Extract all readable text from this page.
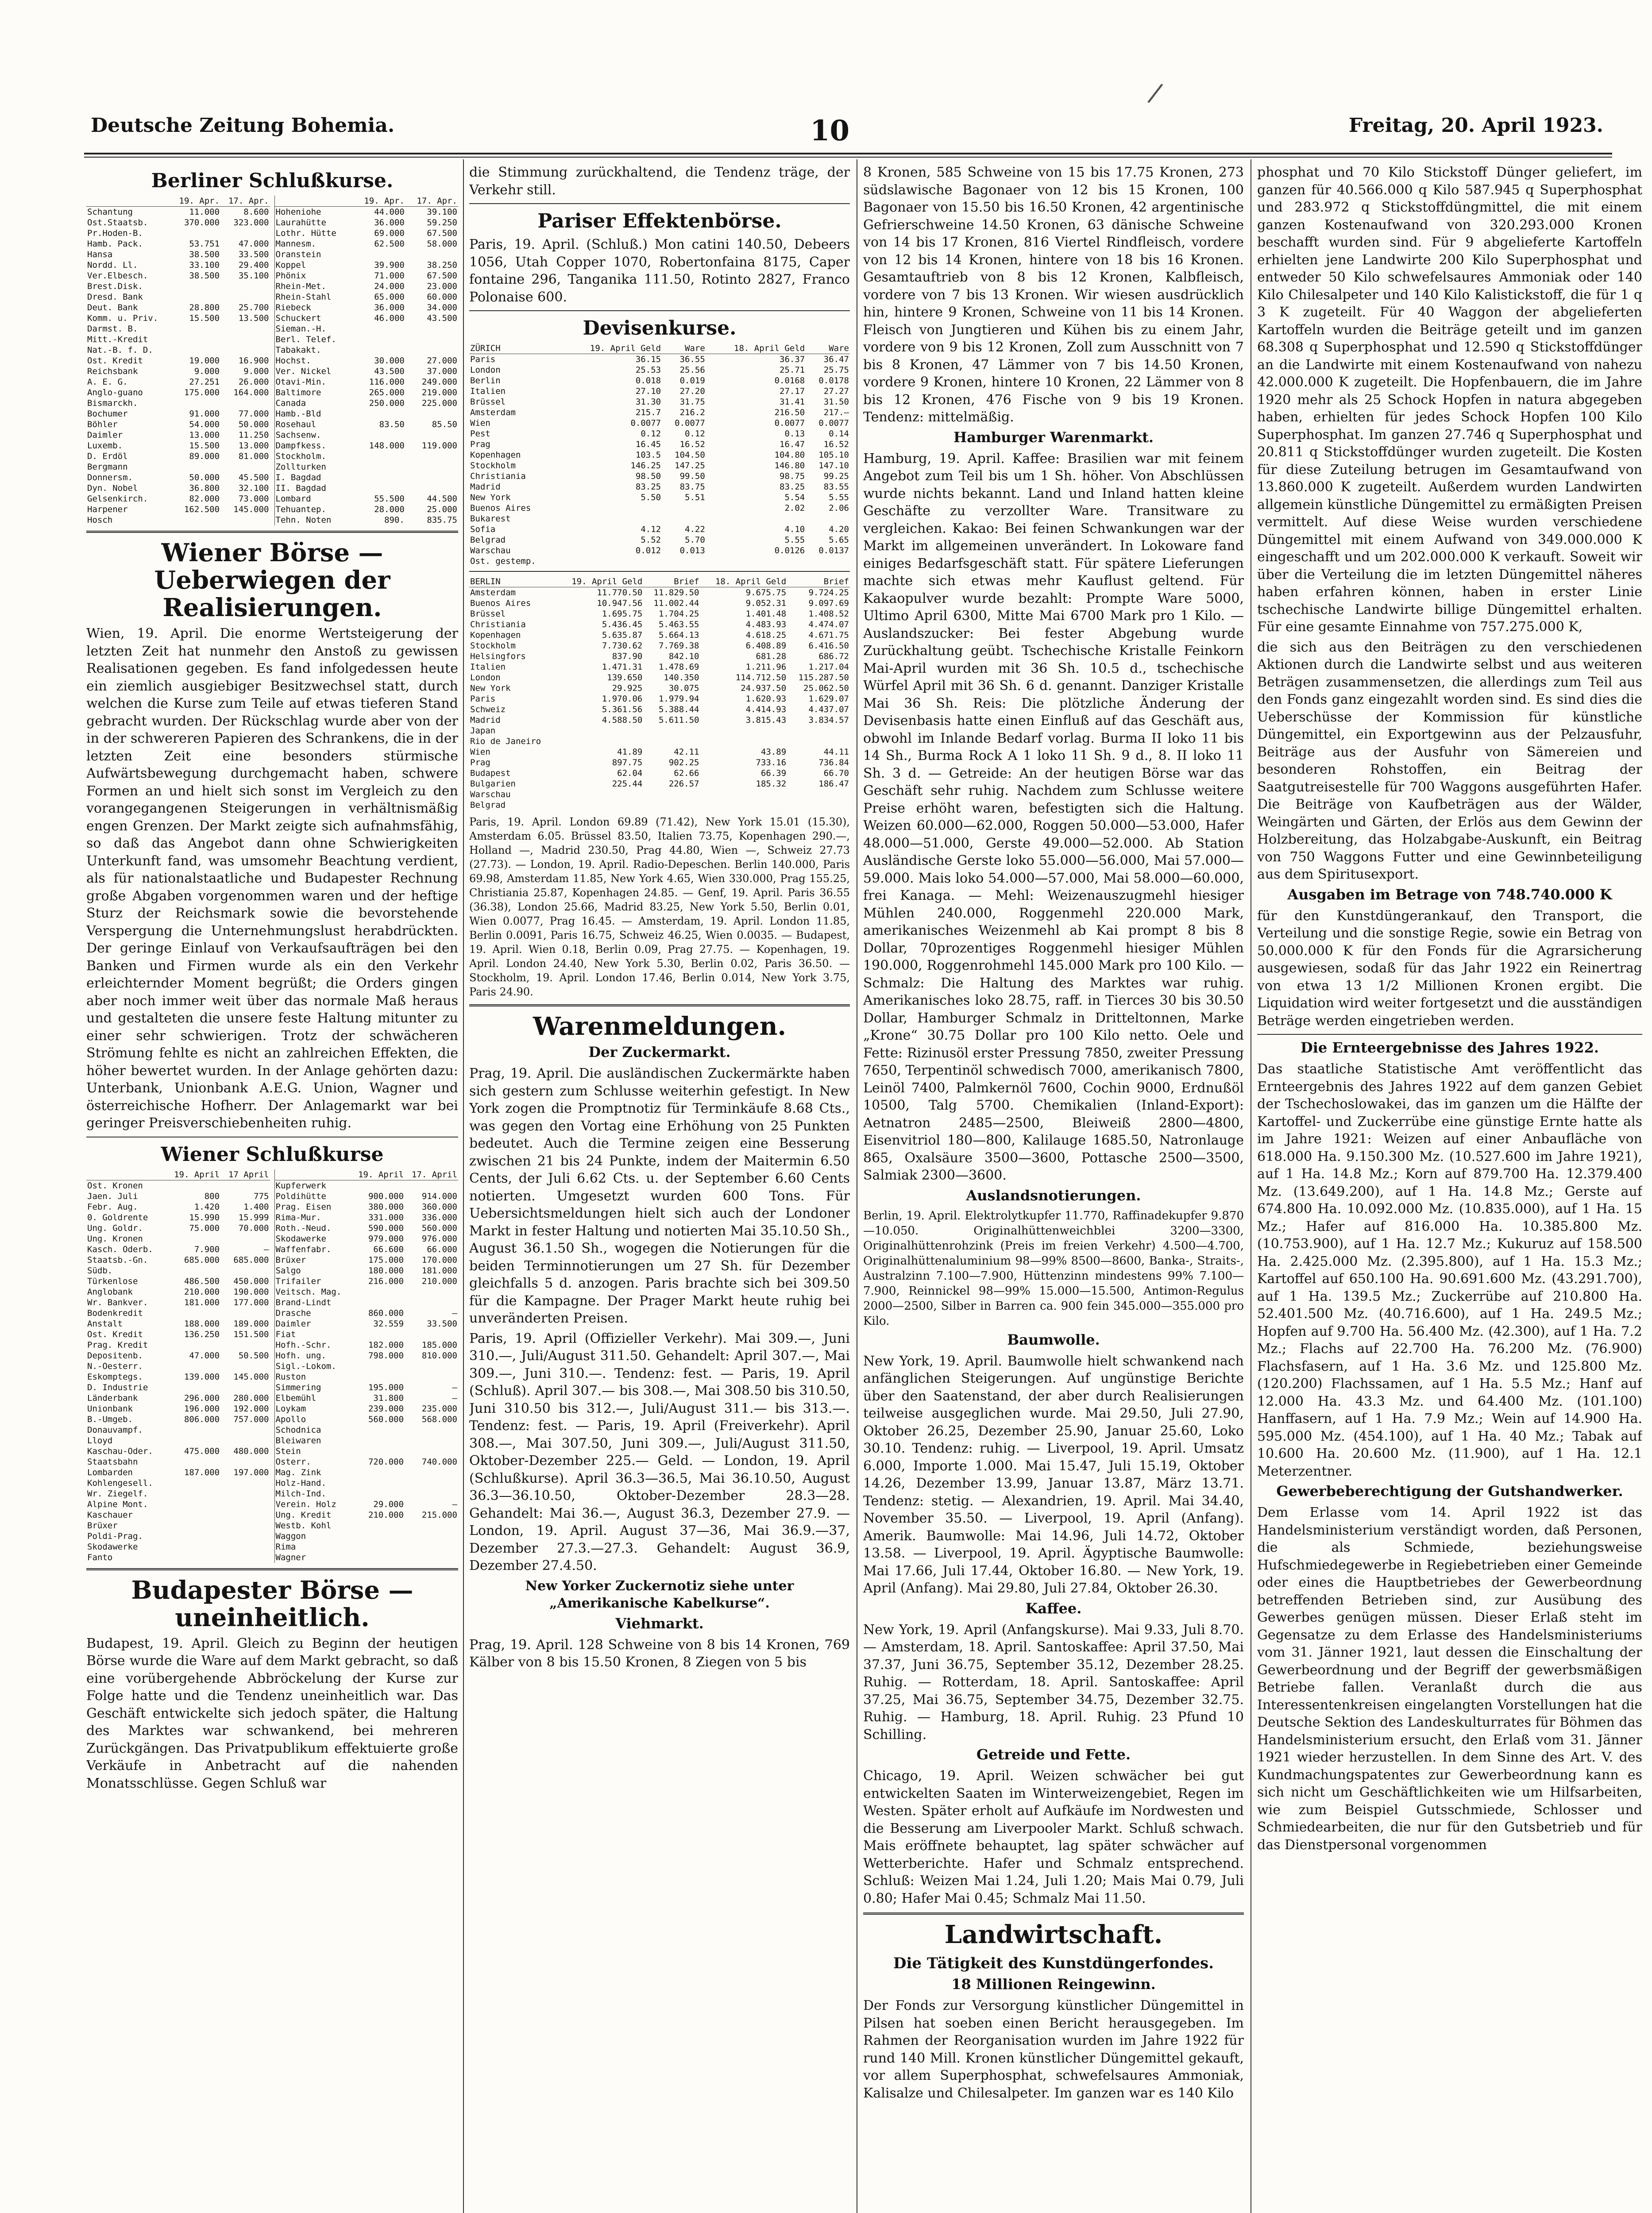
/
Deutsche Zeitung Bohemia.	10	Freitag, 20. April 1923.
Berliner Schlußkurse.
	19. Apr.	17. Apr.
Schantung	11.000	8.600
Ost.Staatsb.	370.000	323.000
Pr.Hoden-B.		
Hamb. Pack.	53.751	47.000
Hansa	38.500	33.500
Nordd. Ll.	33.100	29.400
Ver.Elbesch.	38.500	35.100
Brest.Disk.		
Dresd. Bank		
Deut. Bank	28.800	25.700
Komm. u. Priv.	15.500	13.500
Darmst. B.		
Mitt.-Kredit		
Nat.-B. f. D.		
Ost. Kredit	19.000	16.900
Reichsbank	9.000	9.000
A. E. G.	27.251	26.000
Anglo-guano	175.000	164.000
Bismarckh.		
Bochumer	91.000	77.000
Böhler	54.000	50.000
Daimler	13.000	11.250
Luxemb.	15.500	13.000
D. Erdöl	89.000	81.000
Bergmann		
Donnersm.	50.000	45.500
Dyn. Nobel	36.800	32.100
Gelsenkirch.	82.000	73.000
Harpener	162.500	145.000
Hosch		
	19. Apr.	17. Apr.
Hoheniohe	44.000	39.100
Laurahütte	36.000	59.250
Lothr. Hütte	69.000	67.500
Mannesm.	62.500	58.000
Oranstein		
Koppel	39.900	38.250
Phönix	71.000	67.500
Rhein-Met.	24.000	23.000
Rhein-Stahl	65.000	60.000
Riebeck	36.000	34.000
Schuckert	46.000	43.500
Sieman.-H.		
Berl. Telef.		
Tabakakt.		
Hochst.	30.000	27.000
Ver. Nickel	43.500	37.000
Otavi-Min.	116.000	249.000
Baltimore	265.000	219.000
Canada	250.000	225.000
Hamb.-Bld		
Rosehaul	83.50	85.50
Sachsenw.		
Dampfkess.	148.000	119.000
Stockholm.		
Zollturken		
I. Bagdad		
II. Bagdad		
Lombard	55.500	44.500
Tehuantep.	28.000	25.000
Tehn. Noten	890.	835.75
Wiener Börse — Ueberwiegen der Realisierungen.

Wien, 19. April. Die enorme Wertsteigerung der letzten Zeit hat nunmehr den Anstoß zu gewissen Realisationen gegeben. Es fand infolgedessen heute ein ziemlich ausgiebiger Besitzwechsel statt, durch welchen die Kurse zum Teile auf etwas tieferen Stand gebracht wurden. Der Rückschlag wurde aber von der in der schwereren Papieren des Schrankens, die in der letzten Zeit eine besonders stürmische Aufwärtsbewegung durchgemacht haben, schwere Formen an und hielt sich sonst im Vergleich zu den vorangegangenen Steigerungen in verhältnismäßig engen Grenzen. Der Markt zeigte sich aufnahmsfähig, so daß das Angebot dann ohne Schwierigkeiten Unterkunft fand, was umsomehr Beachtung verdient, als für nationalstaatliche und Budapester Rechnung große Abgaben vorgenommen waren und der heftige Sturz der Reichsmark sowie die bevorstehende Verspergung die Unternehmungslust herabdrückten. Der geringe Einlauf von Verkaufsaufträgen bei den Banken und Firmen wurde als ein den Verkehr erleichternder Moment begrüßt; die Orders gingen aber noch immer weit über das normale Maß heraus und gestalteten die unsere feste Haltung mitunter zu einer sehr schwierigen. Trotz der schwächeren Strömung fehlte es nicht an zahlreichen Effekten, die höher bewertet wurden. In der Anlage gehörten dazu: Unterbank, Unionbank A.E.G. Union, Wagner und österreichische Hofherr. Der Anlagemarkt war bei geringer Preisverschiebenheiten ruhig.

Wiener Schlußkurse
	19. April	17 April
Ost. Kronen		
Jaen. Juli	800	775
Febr. Aug.	1.420	1.400
0. Goldrente	15.990	15.999
Ung. Goldr.	75.000	70.000
Ung. Kronen		
Kasch. Oderb.	7.900	—
Staatsb.-Gn.	685.000	685.000
Südb.		
Türkenlose	486.500	450.000
Anglobank	210.000	190.000
Wr. Bankver.	181.000	177.000
Bodenkredit		
Anstalt	188.000	189.000
Ost. Kredit	136.250	151.500
Prag. Kredit		
Depositenb.	47.000	50.500
N.-Oesterr.		
Eskomptegs.	139.000	145.000
D. Industrie		
Länderbank	296.000	280.000
Unionbank	196.000	192.000
B.-Umgeb.	806.000	757.000
Donauvampf.		
Lloyd		
Kaschau-Oder.	475.000	480.000
Staatsbahn		
Lombarden	187.000	197.000
Kohlengesell.		
Wr. Ziegelf.		
Alpine Mont.		
Kaschauer		
Brüxer		
Poldi-Prag.		
Skodawerke		
Fanto		
	19. April	17. April
Kupferwerk		
Poldihütte	900.000	914.000
Prag. Eisen	380.000	360.000
Rima-Mur.	331.000	336.000
Roth.-Neud.	590.000	560.000
Skodawerke	979.000	976.000
Waffenfabr.	66.600	66.000
Brüxer	175.000	170.000
Salgo	180.000	181.000
Trifailer	216.000	210.000
Veitsch. Mag.		
Brand-Lindt		
Drasche	860.000	—
Daimler	32.559	33.500
Fiat		
Hofh.-Schr.	182.000	185.000
Hofh. ung.	798.000	810.000
Sigl.-Lokom.		
Ruston		
Simmering	195.000	—
Elbemühl	31.800	—
Loykam	239.000	235.000
Apollo	560.000	568.000
Schodnica		
Bleiwaren		
Stein		
Osterr.	720.000	740.000
Mag. Zink		
Holz-Hand.		
Milch-Ind.		
Verein. Holz	29.000	—
Ung. Kredit	210.000	215.000
Westb. Kohl		
Waggon		
Rima		
Wagner		
Budapester Börse — uneinheitlich.

Budapest, 19. April. Gleich zu Beginn der heutigen Börse wurde die Ware auf dem Markt gebracht, so daß eine vorübergehende Abbröckelung der Kurse zur Folge hatte und die Tendenz uneinheitlich war. Das Geschäft entwickelte sich jedoch später, die Haltung des Marktes war schwankend, bei mehreren Zurückgängen. Das Privatpublikum effektuierte große Verkäufe in Anbetracht auf die nahenden Monatsschlüsse. Gegen Schluß war

die Stimmung zurückhaltend, die Tendenz träge, der Verkehr still.

Pariser Effektenbörse.

Paris, 19. April. (Schluß.) Mon catini 140.50, Debeers 1056, Utah Copper 1070, Robertonfaina 8175, Caper fontaine 296, Tanganika 111.50, Rotinto 2827, Franco Polonaise 600.

Devisenkurse.
ZÜRICH	19. April Geld	Ware	18. April Geld	Ware
Paris	36.15	36.55	36.37	36.47
London	25.53	25.56	25.71	25.75
Berlin	0.018	0.019	0.0168	0.0178
Italien	27.10	27.20	27.17	27.27
Brüssel	31.30	31.75	31.41	31.50
Amsterdam	215.7	216.2	216.50	217.—
Wien	0.0077	0.0077	0.0077	0.0077
Pest	0.12	0.12	0.13	0.14
Prag	16.45	16.52	16.47	16.52
Kopenhagen	103.5	104.50	104.80	105.10
Stockholm	146.25	147.25	146.80	147.10
Christiania	98.50	99.50	98.75	99.25
Madrid	83.25	83.75	83.25	83.55
New York	5.50	5.51	5.54	5.55
Buenos Aires			2.02	2.06
Bukarest				
Sofia	4.12	4.22	4.10	4.20
Belgrad	5.52	5.70	5.55	5.65
Warschau	0.012	0.013	0.0126	0.0137
Ost. gestemp.				
BERLIN	19. April Geld	Brief	18. April Geld	Brief
Amsterdam	11.770.50	11.829.50	9.675.75	9.724.25
Buenos Aires	10.947.56	11.002.44	9.052.31	9.097.69
Brüssel	1.695.75	1.704.25	1.401.48	1.408.52
Christiania	5.436.45	5.463.55	4.483.93	4.474.07
Kopenhagen	5.635.87	5.664.13	4.618.25	4.671.75
Stockholm	7.730.62	7.769.38	6.408.89	6.416.50
Helsingfors	837.90	842.10	681.28	686.72
Italien	1.471.31	1.478.69	1.211.96	1.217.04
London	139.650	140.350	114.712.50	115.287.50
New York	29.925	30.075	24.937.50	25.062.50
Paris	1.970.06	1.979.94	1.620.93	1.629.07
Schweiz	5.361.56	5.388.44	4.414.93	4.437.07
Madrid	4.588.50	5.611.50	3.815.43	3.834.57
Japan				
Rio de Janeiro				
Wien	41.89	42.11	43.89	44.11
Prag	897.75	902.25	733.16	736.84
Budapest	62.04	62.66	66.39	66.70
Bulgarien	225.44	226.57	185.32	186.47
Warschau				
Belgrad				

Paris, 19. April. London 69.89 (71.42), New York 15.01 (15.30), Amsterdam 6.05. Brüssel 83.50, Italien 73.75, Kopenhagen 290.—, Holland —, Madrid 230.50, Prag 44.80, Wien —, Schweiz 27.73 (27.73). — London, 19. April. Radio-Depeschen. Berlin 140.000, Paris 69.98, Amsterdam 11.85, New York 4.65, Wien 330.000, Prag 155.25, Christiania 25.87, Kopenhagen 24.85. — Genf, 19. April. Paris 36.55 (36.38), London 25.66, Madrid 83.25, New York 5.50, Berlin 0.01, Wien 0.0077, Prag 16.45. — Amsterdam, 19. April. London 11.85, Berlin 0.0091, Paris 16.75, Schweiz 46.25, Wien 0.0035. — Budapest, 19. April. Wien 0.18, Berlin 0.09, Prag 27.75. — Kopenhagen, 19. April. London 24.40, New York 5.30, Berlin 0.02, Paris 36.50. — Stockholm, 19. April. London 17.46, Berlin 0.014, New York 3.75, Paris 24.90.

Warenmeldungen.
Der Zuckermarkt.

Prag, 19. April. Die ausländischen Zuckermärkte haben sich gestern zum Schlusse weiterhin gefestigt. In New York zogen die Promptnotiz für Terminkäufe 8.68 Cts., was gegen den Vortag eine Erhöhung von 25 Punkten bedeutet. Auch die Termine zeigen eine Besserung zwischen 21 bis 24 Punkte, indem der Maitermin 6.50 Cents, der Juli 6.62 Cts. u. der September 6.60 Cents notierten. Umgesetzt wurden 600 Tons. Für Uebersichtsmeldungen hielt sich auch der Londoner Markt in fester Haltung und notierten Mai 35.10.50 Sh., August 36.1.50 Sh., wogegen die Notierungen für die beiden Terminnotierungen um 27 Sh. für Dezember gleichfalls 5 d. anzogen. Paris brachte sich bei 309.50 für die Kampagne. Der Prager Markt heute ruhig bei unveränderten Preisen.

Paris, 19. April (Offizieller Verkehr). Mai 309.—, Juni 310.—, Juli/August 311.50. Gehandelt: April 307.—, Mai 309.—, Juni 310.—. Tendenz: fest. — Paris, 19. April (Schluß). April 307.— bis 308.—, Mai 308.50 bis 310.50, Juni 310.50 bis 312.—, Juli/August 311.— bis 313.—. Tendenz: fest. — Paris, 19. April (Freiverkehr). April 308.—, Mai 307.50, Juni 309.—, Juli/August 311.50, Oktober-Dezember 225.— Geld. — London, 19. April (Schlußkurse). April 36.3—36.5, Mai 36.10.50, August 36.3—36.10.50, Oktober-Dezember 28.3—28. Gehandelt: Mai 36.—, August 36.3, Dezember 27.9. — London, 19. April. August 37—36, Mai 36.9.—37, Dezember 27.3.—27.3. Gehandelt: August 36.9, Dezember 27.4.50.

New Yorker Zuckernotiz siehe unter „Amerikanische Kabelkurse“.

Viehmarkt.

Prag, 19. April. 128 Schweine von 8 bis 14 Kronen, 769 Kälber von 8 bis 15.50 Kronen, 8 Ziegen von 5 bis

8 Kronen, 585 Schweine von 15 bis 17.75 Kronen, 273 südslawische Bagonaer von 12 bis 15 Kronen, 100 Bagonaer von 15.50 bis 16.50 Kronen, 42 argentinische Gefrierschweine 14.50 Kronen, 63 dänische Schweine von 14 bis 17 Kronen, 816 Viertel Rindfleisch, vordere von 12 bis 14 Kronen, hintere von 18 bis 16 Kronen. Gesamtauftrieb von 8 bis 12 Kronen, Kalbfleisch, vordere von 7 bis 13 Kronen. Wir wiesen ausdrücklich hin, hintere 9 Kronen, Schweine von 11 bis 14 Kronen. Fleisch von Jungtieren und Kühen bis zu einem Jahr, vordere von 9 bis 12 Kronen, Zoll zum Ausschnitt von 7 bis 8 Kronen, 47 Lämmer von 7 bis 14.50 Kronen, vordere 9 Kronen, hintere 10 Kronen, 22 Lämmer von 8 bis 12 Kronen, 476 Fische von 9 bis 19 Kronen. Tendenz: mittelmäßig.

Hamburger Warenmarkt.

Hamburg, 19. April. Kaffee: Brasilien war mit feinem Angebot zum Teil bis um 1 Sh. höher. Von Abschlüssen wurde nichts bekannt. Land und Inland hatten kleine Geschäfte zu verzollter Ware. Transitware zu vergleichen. Kakao: Bei feinen Schwankungen war der Markt im allgemeinen unverändert. In Lokoware fand einiges Bedarfsgeschäft statt. Für spätere Lieferungen machte sich etwas mehr Kauflust geltend. Für Kakaopulver wurde bezahlt: Prompte Ware 5000, Ultimo April 6300, Mitte Mai 6700 Mark pro 1 Kilo. — Auslandszucker: Bei fester Abgebung wurde Zurückhaltung geübt. Tschechische Kristalle Feinkorn Mai-April wurden mit 36 Sh. 10.5 d., tschechische Würfel April mit 36 Sh. 6 d. genannt. Danziger Kristalle Mai 36 Sh. Reis: Die plötzliche Änderung der Devisenbasis hatte einen Einfluß auf das Geschäft aus, obwohl im Inlande Bedarf vorlag. Burma II loko 11 bis 14 Sh., Burma Rock A 1 loko 11 Sh. 9 d., 8. II loko 11 Sh. 3 d. — Getreide: An der heutigen Börse war das Geschäft sehr ruhig. Nachdem zum Schlusse weitere Preise erhöht waren, befestigten sich die Haltung. Weizen 60.000—62.000, Roggen 50.000—53.000, Hafer 48.000—51.000, Gerste 49.000—52.000. Ab Station Ausländische Gerste loko 55.000—56.000, Mai 57.000—59.000. Mais loko 54.000—57.000, Mai 58.000—60.000, frei Kanaga. — Mehl: Weizenauszugmehl hiesiger Mühlen 240.000, Roggenmehl 220.000 Mark, amerikanisches Weizenmehl ab Kai prompt 8 bis 8 Dollar, 70prozentiges Roggenmehl hiesiger Mühlen 190.000, Roggenrohmehl 145.000 Mark pro 100 Kilo. — Schmalz: Die Haltung des Marktes war ruhig. Amerikanisches loko 28.75, raff. in Tierces 30 bis 30.50 Dollar, Hamburger Schmalz in Dritteltonnen, Marke „Krone“ 30.75 Dollar pro 100 Kilo netto. Oele und Fette: Rizinusöl erster Pressung 7850, zweiter Pressung 7650, Terpentinöl schwedisch 7000, amerikanisch 7800, Leinöl 7400, Palmkernöl 7600, Cochin 9000, Erdnußöl 10500, Talg 5700. Chemikalien (Inland-Export): Aetnatron 2485—2500, Bleiweiß 2800—4800, Eisenvitriol 180—800, Kalilauge 1685.50, Natronlauge 865, Oxalsäure 3500—3600, Pottasche 2500—3500, Salmiak 2300—3600.

Auslandsnotierungen.

Berlin, 19. April. Elektrolytkupfer 11.770, Raffinadekupfer 9.870—10.050. Originalhüttenweichblei 3200—3300, Originalhüttenrohzink (Preis im freien Verkehr) 4.500—4.700, Originalhüttenaluminium 98—99% 8500—8600, Banka-, Straits-, Australzinn 7.100—7.900, Hüttenzinn mindestens 99% 7.100—7.900, Reinnickel 98—99% 15.000—15.500, Antimon-Regulus 2000—2500, Silber in Barren ca. 900 fein 345.000—355.000 pro Kilo.

Baumwolle.

New York, 19. April. Baumwolle hielt schwankend nach anfänglichen Steigerungen. Auf ungünstige Berichte über den Saatenstand, der aber durch Realisierungen teilweise ausgeglichen wurde. Mai 29.50, Juli 27.90, Oktober 26.25, Dezember 25.90, Januar 25.60, Loko 30.10. Tendenz: ruhig. — Liverpool, 19. April. Umsatz 6.000, Importe 1.000. Mai 15.47, Juli 15.19, Oktober 14.26, Dezember 13.99, Januar 13.87, März 13.71. Tendenz: stetig. — Alexandrien, 19. April. Mai 34.40, November 35.50. — Liverpool, 19. April (Anfang). Amerik. Baumwolle: Mai 14.96, Juli 14.72, Oktober 13.58. — Liverpool, 19. April. Ägyptische Baumwolle: Mai 17.66, Juli 17.44, Oktober 16.80. — New York, 19. April (Anfang). Mai 29.80, Juli 27.84, Oktober 26.30.

Kaffee.

New York, 19. April (Anfangskurse). Mai 9.33, Juli 8.70. — Amsterdam, 18. April. Santoskaffee: April 37.50, Mai 37.37, Juni 36.75, September 35.12, Dezember 28.25. Ruhig. — Rotterdam, 18. April. Santoskaffee: April 37.25, Mai 36.75, September 34.75, Dezember 32.75. Ruhig. — Hamburg, 18. April. Ruhig. 23 Pfund 10 Schilling.

Getreide und Fette.

Chicago, 19. April. Weizen schwächer bei gut entwickelten Saaten im Winterweizengebiet, Regen im Westen. Später erholt auf Aufkäufe im Nordwesten und die Besserung am Liverpooler Markt. Schluß schwach. Mais eröffnete behauptet, lag später schwächer auf Wetterberichte. Hafer und Schmalz entsprechend. Schluß: Weizen Mai 1.24, Juli 1.20; Mais Mai 0.79, Juli 0.80; Hafer Mai 0.45; Schmalz Mai 11.50.

Landwirtschaft.
Die Tätigkeit des Kunstdüngerfondes.
18 Millionen Reingewinn.

Der Fonds zur Versorgung künstlicher Düngemittel in Pilsen hat soeben einen Bericht herausgegeben. Im Rahmen der Reorganisation wurden im Jahre 1922 für rund 140 Mill. Kronen künstlicher Düngemittel gekauft, vor allem Superphosphat, schwefelsaures Ammoniak, Kalisalze und Chilesalpeter. Im ganzen war es 140 Kilo

phosphat und 70 Kilo Stickstoff Dünger geliefert, im ganzen für 40.566.000 q Kilo 587.945 q Superphosphat und 283.972 q Stickstoffdüngmittel, die mit einem ganzen Kostenaufwand von 320.293.000 Kronen beschafft wurden sind. Für 9 abgelieferte Kartoffeln erhielten jene Landwirte 200 Kilo Superphosphat und entweder 50 Kilo schwefelsaures Ammoniak oder 140 Kilo Chilesalpeter und 140 Kilo Kalistickstoff, die für 1 q 3 K zugeteilt. Für 40 Waggon der abgelieferten Kartoffeln wurden die Beiträge geteilt und im ganzen 68.308 q Superphosphat und 12.590 q Stickstoffdünger an die Landwirte mit einem Kostenaufwand von nahezu 42.000.000 K zugeteilt. Die Hopfenbauern, die im Jahre 1920 mehr als 25 Schock Hopfen in natura abgegeben haben, erhielten für jedes Schock Hopfen 100 Kilo Superphosphat. Im ganzen 27.746 q Superphosphat und 20.811 q Stickstoffdünger wurden zugeteilt. Die Kosten für diese Zuteilung betrugen im Gesamtaufwand von 13.860.000 K zugeteilt. Außerdem wurden Landwirten allgemein künstliche Düngemittel zu ermäßigten Preisen vermittelt. Auf diese Weise wurden verschiedene Düngemittel mit einem Aufwand von 349.000.000 K eingeschafft und um 202.000.000 K verkauft. Soweit wir über die Verteilung die im letzten Düngemittel näheres haben erfahren können, haben in erster Linie tschechische Landwirte billige Düngemittel erhalten. Für eine gesamte Einnahme von 757.275.000 K,

die sich aus den Beiträgen zu den verschiedenen Aktionen durch die Landwirte selbst und aus weiteren Beträgen zusammensetzen, die allerdings zum Teil aus den Fonds ganz eingezahlt worden sind. Es sind dies die Ueberschüsse der Kommission für künstliche Düngemittel, ein Exportgewinn aus der Pelzausfuhr, Beiträge aus der Ausfuhr von Sämereien und besonderen Rohstoffen, ein Beitrag der Saatgutreisestelle für 700 Waggons ausgeführten Hafer. Die Beiträge von Kaufbeträgen aus der Wälder, Weingärten und Gärten, der Erlös aus dem Gewinn der Holzbereitung, das Holzabgabe-Auskunft, ein Beitrag von 750 Waggons Futter und eine Gewinnbeteiligung aus dem Spiritusexport.

Ausgaben im Betrage von 748.740.000 K

für den Kunstdüngerankauf, den Transport, die Verteilung und die sonstige Regie, sowie ein Betrag von 50.000.000 K für den Fonds für die Agrarsicherung ausgewiesen, sodaß für das Jahr 1922 ein Reinertrag von etwa 13 1/2 Millionen Kronen ergibt. Die Liquidation wird weiter fortgesetzt und die ausständigen Beträge werden eingetrieben werden.

Die Ernteergebnisse des Jahres 1922.

Das staatliche Statistische Amt veröffentlicht das Ernteergebnis des Jahres 1922 auf dem ganzen Gebiet der Tschechoslowakei, das im ganzen um die Hälfte der Kartoffel- und Zuckerrübe eine günstige Ernte hatte als im Jahre 1921: Weizen auf einer Anbaufläche von 618.000 Ha. 9.150.300 Mz. (10.527.600 im Jahre 1921), auf 1 Ha. 14.8 Mz.; Korn auf 879.700 Ha. 12.379.400 Mz. (13.649.200), auf 1 Ha. 14.8 Mz.; Gerste auf 674.800 Ha. 10.092.000 Mz. (10.835.000), auf 1 Ha. 15 Mz.; Hafer auf 816.000 Ha. 10.385.800 Mz. (10.753.900), auf 1 Ha. 12.7 Mz.; Kukuruz auf 158.500 Ha. 2.425.000 Mz. (2.395.800), auf 1 Ha. 15.3 Mz.; Kartoffel auf 650.100 Ha. 90.691.600 Mz. (43.291.700), auf 1 Ha. 139.5 Mz.; Zuckerrübe auf 210.800 Ha. 52.401.500 Mz. (40.716.600), auf 1 Ha. 249.5 Mz.; Hopfen auf 9.700 Ha. 56.400 Mz. (42.300), auf 1 Ha. 7.2 Mz.; Flachs auf 22.700 Ha. 76.200 Mz. (76.900) Flachsfasern, auf 1 Ha. 3.6 Mz. und 125.800 Mz. (120.200) Flachssamen, auf 1 Ha. 5.5 Mz.; Hanf auf 12.000 Ha. 43.3 Mz. und 64.400 Mz. (101.100) Hanffasern, auf 1 Ha. 7.9 Mz.; Wein auf 14.900 Ha. 595.000 Mz. (454.100), auf 1 Ha. 40 Mz.; Tabak auf 10.600 Ha. 20.600 Mz. (11.900), auf 1 Ha. 12.1 Meterzentner.

Gewerbeberechtigung der Gutshandwerker.

Dem Erlasse vom 14. April 1922 ist das Handelsministerium verständigt worden, daß Personen, die als Schmiede, beziehungsweise Hufschmiedegewerbe in Regiebetrieben einer Gemeinde oder eines die Hauptbetriebes der Gewerbeordnung betreffenden Betrieben sind, zur Ausübung des Gewerbes genügen müssen. Dieser Erlaß steht im Gegensatze zu dem Erlasse des Handelsministeriums vom 31. Jänner 1921, laut dessen die Einschaltung der Gewerbeordnung und der Begriff der gewerbsmäßigen Betriebe fallen. Veranlaßt durch die aus Interessentenkreisen eingelangten Vorstellungen hat die Deutsche Sektion des Landeskulturrates für Böhmen das Handelsministerium ersucht, den Erlaß vom 31. Jänner 1921 wieder herzustellen. In dem Sinne des Art. V. des Kundmachungspatentes zur Gewerbeordnung kann es sich nicht um Geschäftlichkeiten wie um Hilfsarbeiten, wie zum Beispiel Gutsschmiede, Schlosser und Schmiedearbeiten, die nur für den Gutsbetrieb und für das Dienstpersonal vorgenommen
